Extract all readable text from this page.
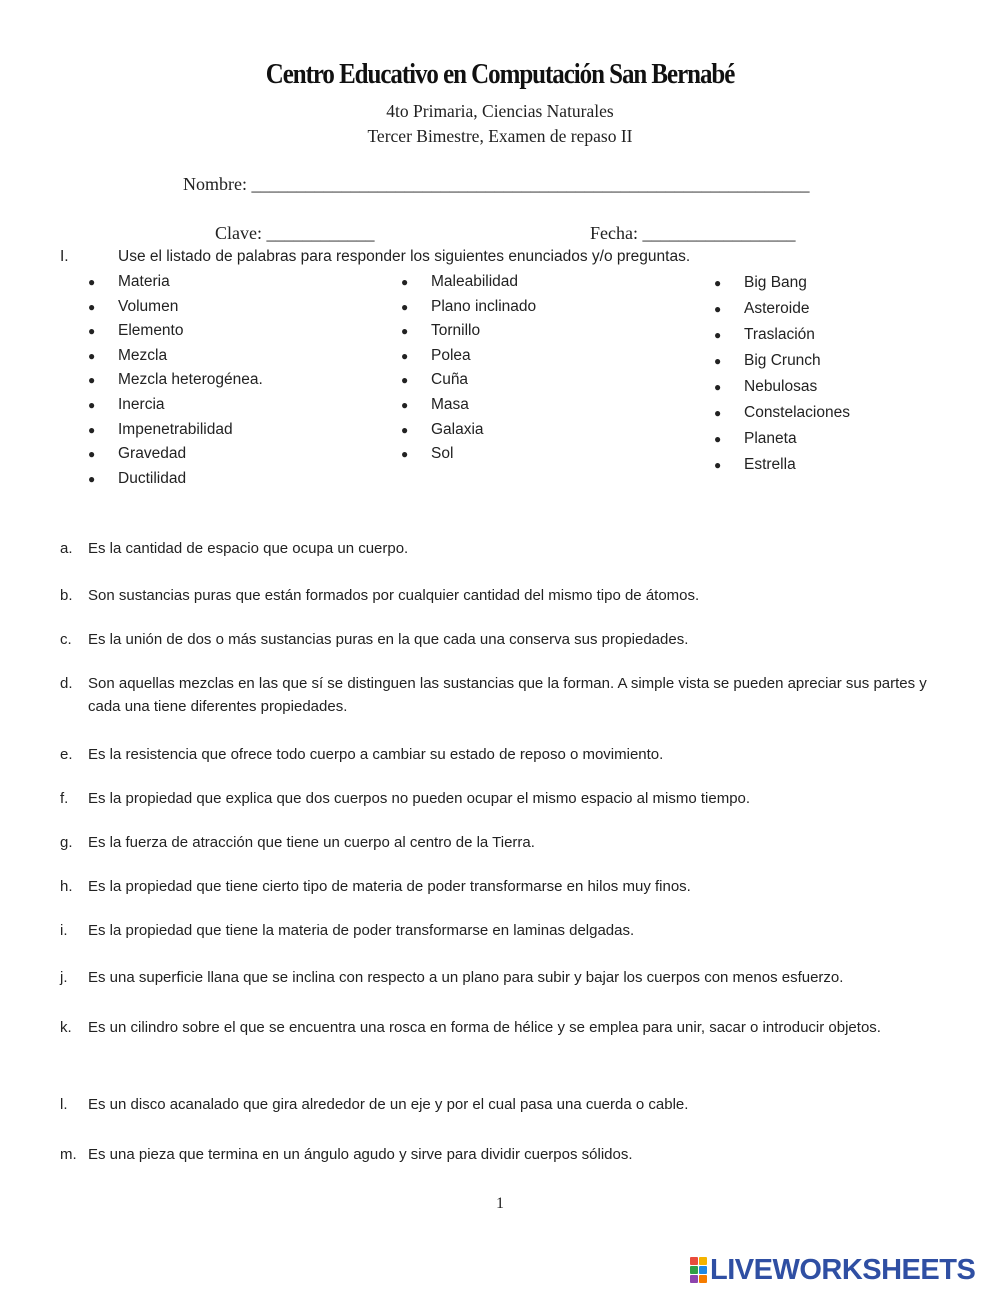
Centro Educativo en Computación San Bernabé
4to Primaria, Ciencias Naturales
Tercer Bimestre, Examen de repaso II
Nombre: ______________________________________________________________
Clave: ____________	Fecha: _________________
I.	Use el listado de palabras para responder los siguientes enunciados y/o preguntas.
● Materia
● Volumen
● Elemento
● Mezcla
● Mezcla heterogénea.
● Inercia
● Impenetrabilidad
● Gravedad
● Ductilidad
● Maleabilidad
● Plano inclinado
● Tornillo
● Polea
● Cuña
● Masa
● Galaxia
● Sol
● Big Bang
● Asteroide
● Traslación
● Big Crunch
● Nebulosas
● Constelaciones
● Planeta
● Estrella
a. Es la cantidad de espacio que ocupa un cuerpo.
b. Son sustancias puras que están formados por cualquier cantidad del mismo tipo de átomos.
c. Es la unión de dos o más sustancias puras en la que cada una conserva sus propiedades.
d. Son aquellas mezclas en las que sí se distinguen las sustancias que la forman. A simple vista se pueden apreciar sus partes y cada una tiene diferentes propiedades.
e. Es la resistencia que ofrece todo cuerpo a cambiar su estado de reposo o movimiento.
f. Es la propiedad que explica que dos cuerpos no pueden ocupar el mismo espacio al mismo tiempo.
g. Es la fuerza de atracción que tiene un cuerpo al centro de la Tierra.
h. Es la propiedad que tiene cierto tipo de materia de poder transformarse en hilos muy finos.
i. Es la propiedad que tiene la materia de poder transformarse en laminas delgadas.
j. Es una superficie llana que se inclina con respecto a un plano para subir y bajar los cuerpos con menos esfuerzo.
k. Es un cilindro sobre el que se encuentra una rosca en forma de hélice y se emplea para unir, sacar o introducir objetos.
l. Es un disco acanalado que gira alrededor de un eje y por el cual pasa una cuerda o cable.
m. Es una pieza que termina en un ángulo agudo y sirve para dividir cuerpos sólidos.
1
LIVEWORKSHEETS
